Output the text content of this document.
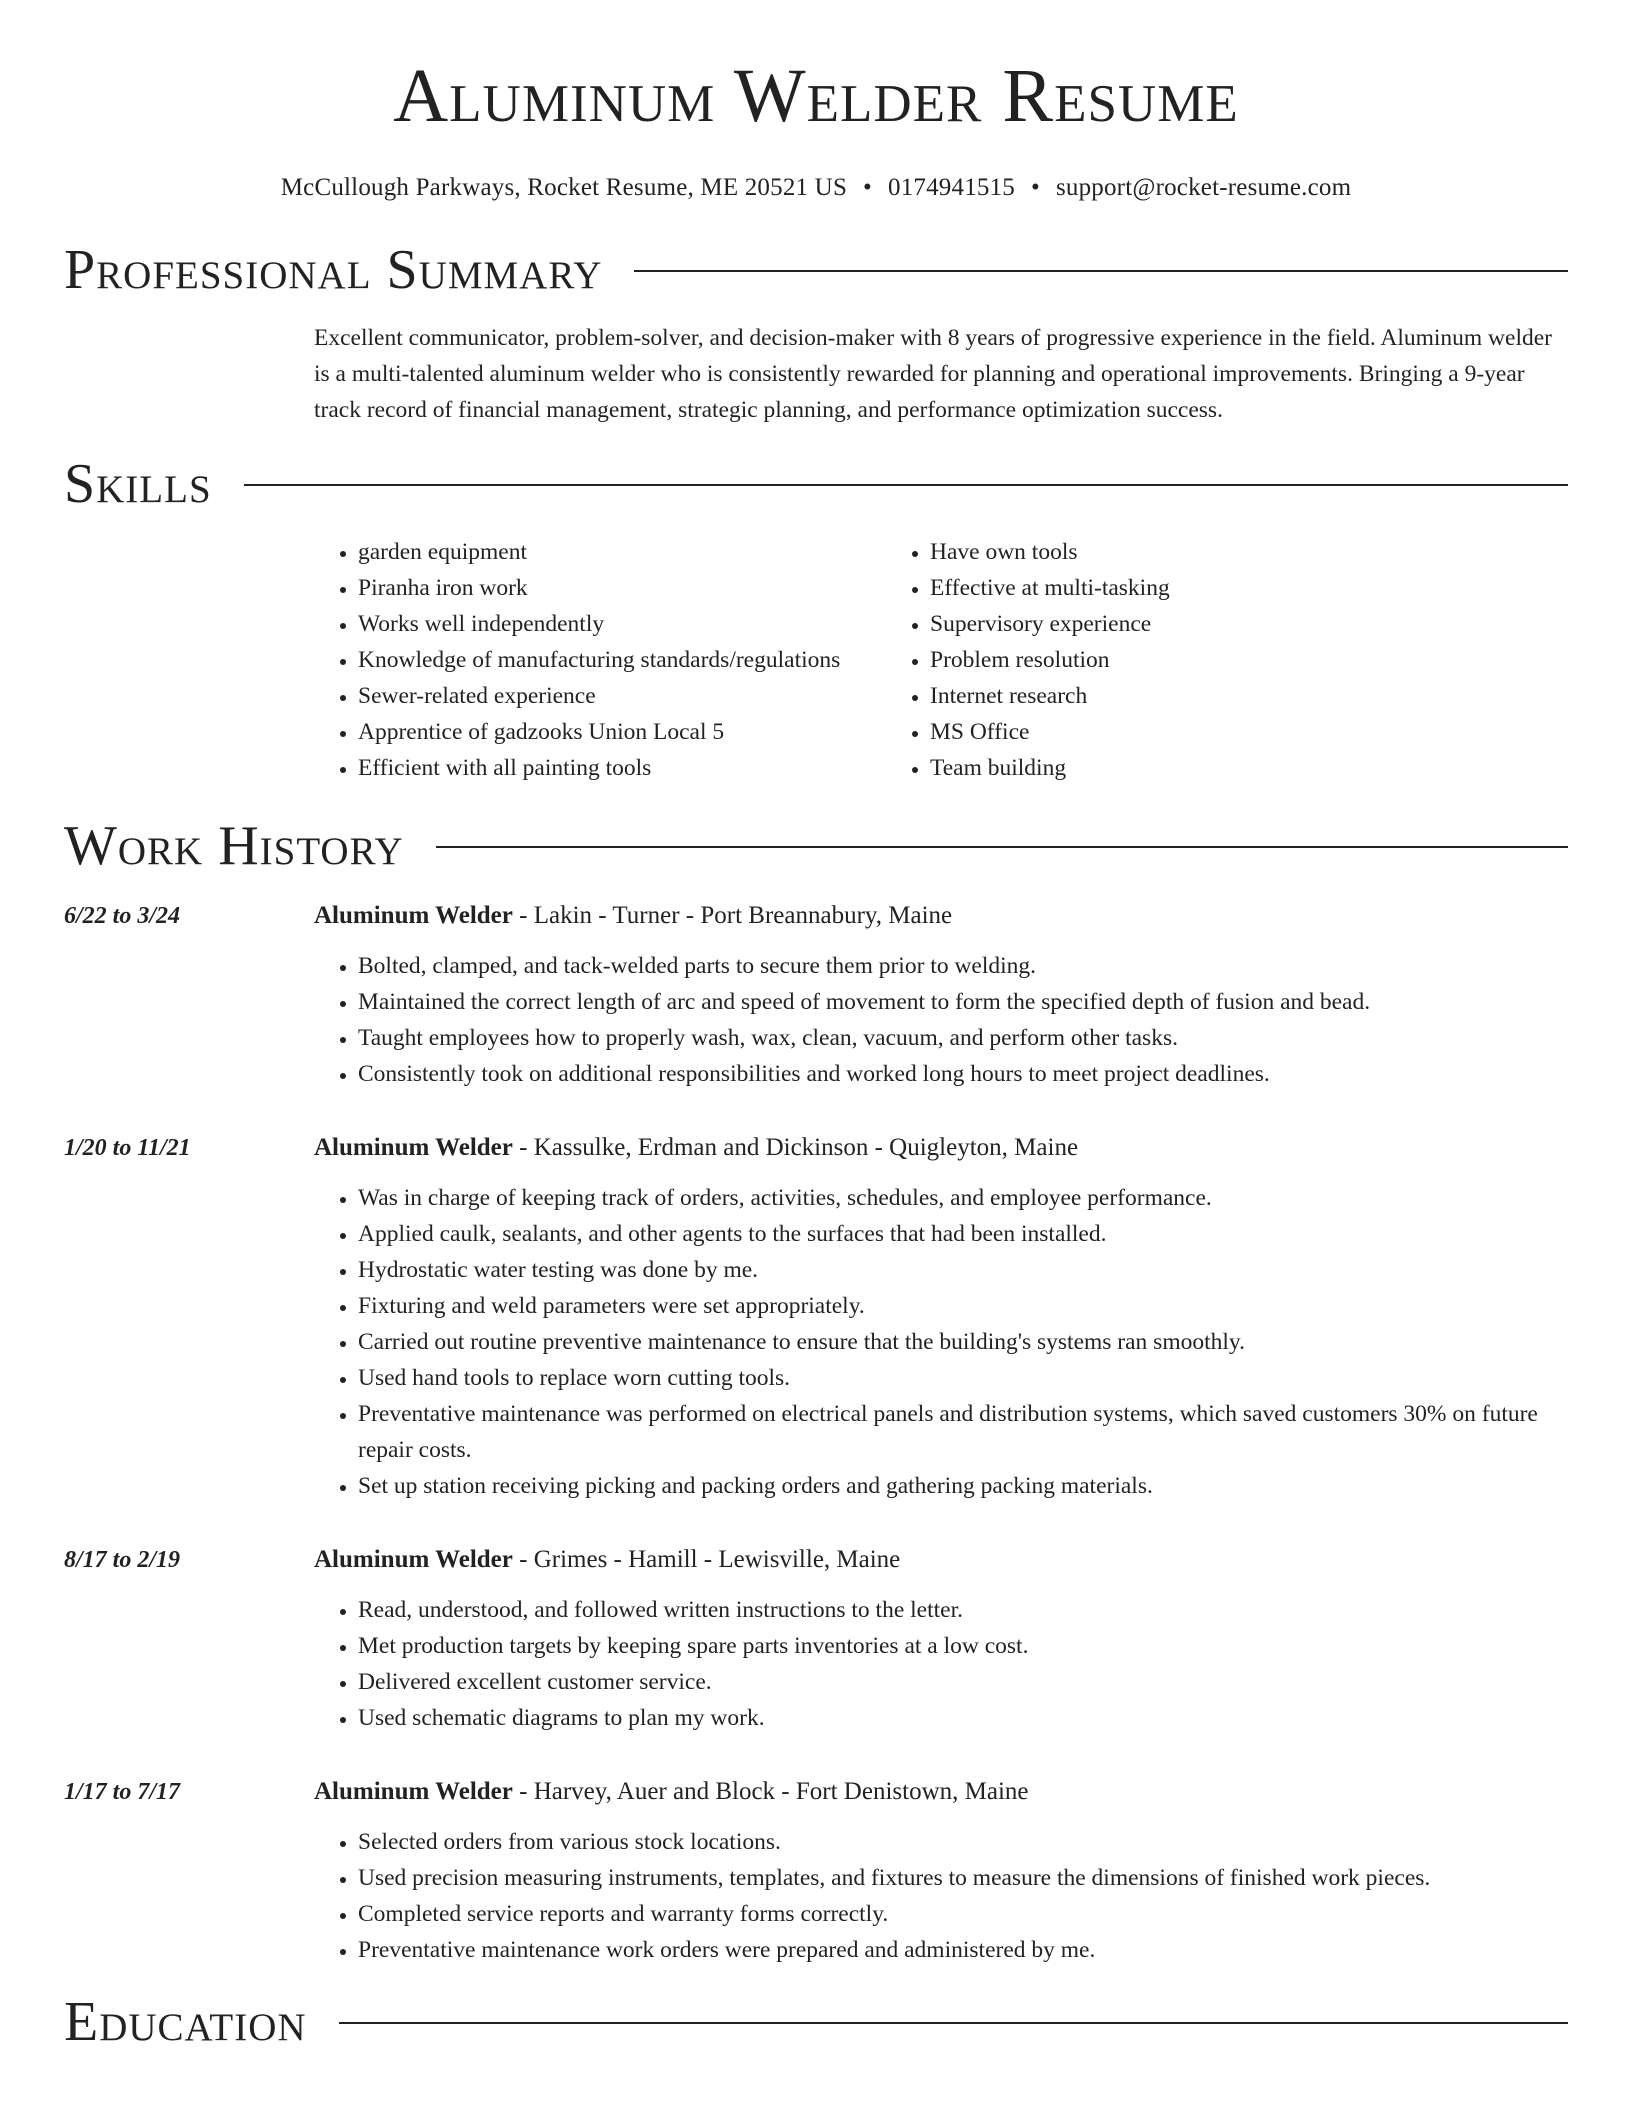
Aluminum Welder Resume
McCullough Parkways, Rocket Resume, ME 20521 US • 0174941515 • support@rocket-resume.com
Professional Summary
Excellent communicator, problem-solver, and decision-maker with 8 years of progressive experience in the field. Aluminum welder is a multi-talented aluminum welder who is consistently rewarded for planning and operational improvements. Bringing a 9-year track record of financial management, strategic planning, and performance optimization success.
Skills
• garden equipment
• Piranha iron work
• Works well independently
• Knowledge of manufacturing standards/regulations
• Sewer-related experience
• Apprentice of gadzooks Union Local 5
• Efficient with all painting tools
• Have own tools
• Effective at multi-tasking
• Supervisory experience
• Problem resolution
• Internet research
• MS Office
• Team building
Work History
6/22 to 3/24	Aluminum Welder - Lakin - Turner - Port Breannabury, Maine
• Bolted, clamped, and tack-welded parts to secure them prior to welding.
• Maintained the correct length of arc and speed of movement to form the specified depth of fusion and bead.
• Taught employees how to properly wash, wax, clean, vacuum, and perform other tasks.
• Consistently took on additional responsibilities and worked long hours to meet project deadlines.
1/20 to 11/21	Aluminum Welder - Kassulke, Erdman and Dickinson - Quigleyton, Maine
• Was in charge of keeping track of orders, activities, schedules, and employee performance.
• Applied caulk, sealants, and other agents to the surfaces that had been installed.
• Hydrostatic water testing was done by me.
• Fixturing and weld parameters were set appropriately.
• Carried out routine preventive maintenance to ensure that the building's systems ran smoothly.
• Used hand tools to replace worn cutting tools.
• Preventative maintenance was performed on electrical panels and distribution systems, which saved customers 30% on future repair costs.
• Set up station receiving picking and packing orders and gathering packing materials.
8/17 to 2/19	Aluminum Welder - Grimes - Hamill - Lewisville, Maine
• Read, understood, and followed written instructions to the letter.
• Met production targets by keeping spare parts inventories at a low cost.
• Delivered excellent customer service.
• Used schematic diagrams to plan my work.
1/17 to 7/17	Aluminum Welder - Harvey, Auer and Block - Fort Denistown, Maine
• Selected orders from various stock locations.
• Used precision measuring instruments, templates, and fixtures to measure the dimensions of finished work pieces.
• Completed service reports and warranty forms correctly.
• Preventative maintenance work orders were prepared and administered by me.
Education
